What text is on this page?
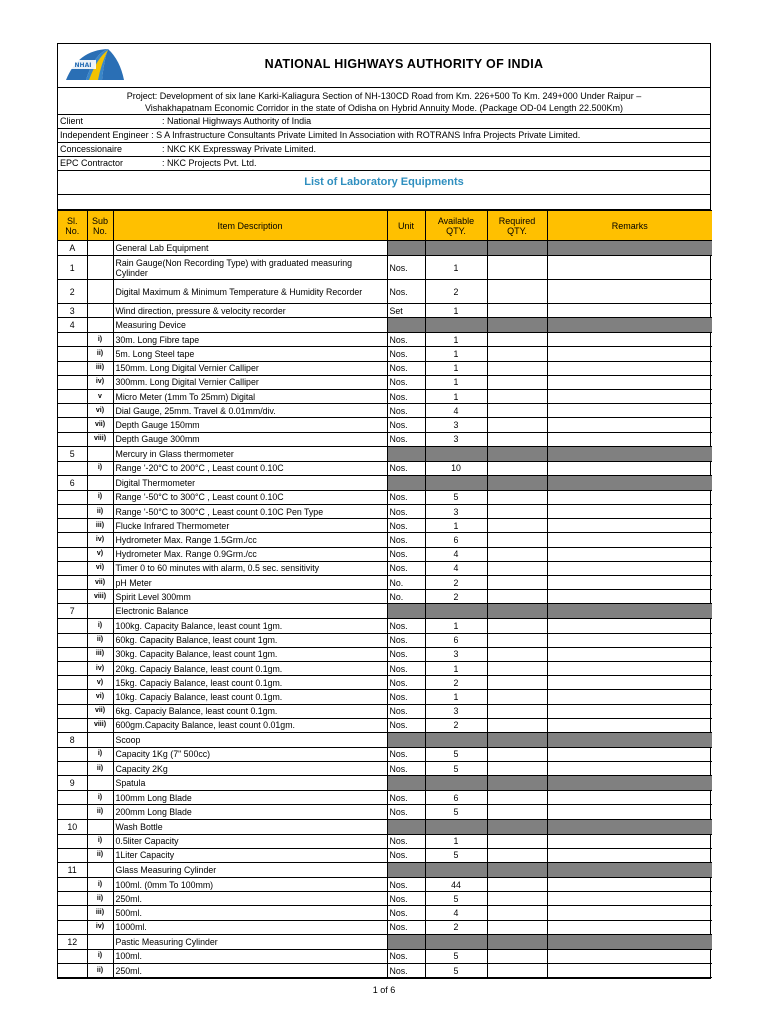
NHAI	NATIONAL HIGHWAYS AUTHORITY OF INDIA
Project: Development of six lane Karki-Kaliagura Section of NH-130CD Road from Km. 226+500 To Km. 249+000 Under Raipur –
Vishakhapatnam Economic Corridor in the state of Odisha on Hybrid Annuity Mode. (Package OD-04 Length 22.500Km)
Client	: National Highways Authority of India
Independent Engineer : S A Infrastructure Consultants Private Limited In Association with ROTRANS Infra Projects Private Limited.
Concessionaire	: NKC KK Expressway Private Limited.
EPC Contractor	: NKC Projects Pvt. Ltd.
List of Laboratory Equipments
Sl. No.	Sub No.	Item Description	Unit	Available QTY.	Required QTY.	Remarks
A		General Lab Equipment				
1		Rain Gauge(Non Recording Type) with graduated measuring Cylinder	Nos.	1		
2		Digital Maximum & Minimum Temperature & Humidity Recorder	Nos.	2		
3		Wind direction, pressure & velocity recorder	Set	1		
4		Measuring Device				
	i)	30m. Long Fibre tape	Nos.	1		
	ii)	5m. Long Steel tape	Nos.	1		
	iii)	150mm. Long Digital Vernier Calliper	Nos.	1		
	iv)	300mm. Long Digital Vernier Calliper	Nos.	1		
	v	Micro Meter (1mm To 25mm) Digital	Nos.	1		
	vi)	Dial Gauge, 25mm. Travel & 0.01mm/div.	Nos.	4		
	vii)	Depth Gauge 150mm	Nos.	3		
	viii)	Depth Gauge 300mm	Nos.	3		
5		Mercury in Glass thermometer				
	i)	Range '-20°C to 200°C , Least count 0.10C	Nos.	10		
6		Digital Thermometer				
	i)	Range '-50°C to 300°C , Least count 0.10C	Nos.	5		
	ii)	Range '-50°C to 300°C , Least count 0.10C Pen Type	Nos.	3		
	iii)	Flucke Infrared Thermometer	Nos.	1		
	iv)	Hydrometer Max. Range 1.5Grm./cc	Nos.	6		
	v)	Hydrometer Max. Range 0.9Grm./cc	Nos.	4		
	vi)	Timer 0 to 60 minutes with alarm, 0.5 sec. sensitivity	Nos.	4		
	vii)	pH Meter	No.	2		
	viii)	Spirit Level 300mm	No.	2		
7		Electronic Balance				
	i)	100kg. Capacity Balance, least count 1gm.	Nos.	1		
	ii)	60kg. Capacity Balance, least count 1gm.	Nos.	6		
	iii)	30kg. Capacity Balance, least count 1gm.	Nos.	3		
	iv)	20kg. Capaciy Balance, least count 0.1gm.	Nos.	1		
	v)	15kg. Capaciy Balance, least count 0.1gm.	Nos.	2		
	vi)	10kg. Capaciy Balance, least count 0.1gm.	Nos.	1		
	vii)	6kg. Capaciy Balance, least count 0.1gm.	Nos.	3		
	viii)	600gm.Capacity Balance, least count 0.01gm.	Nos.	2		
8		Scoop				
	i)	Capacity 1Kg (7" 500cc)	Nos.	5		
	ii)	Capacity 2Kg	Nos.	5		
9		Spatula				
	i)	100mm Long Blade	Nos.	6		
	ii)	200mm Long Blade	Nos.	5		
10		Wash Bottle				
	i)	0.5liter Capacity	Nos.	1		
	ii)	1Liter Capacity	Nos.	5		
11		Glass Measuring Cylinder				
	i)	100ml. (0mm To 100mm)	Nos.	44		
	ii)	250ml.	Nos.	5		
	iii)	500ml.	Nos.	4		
	iv)	1000ml.	Nos.	2		
12		Pastic Measuring Cylinder				
	i)	100ml.	Nos.	5		
	ii)	250ml.	Nos.	5		
1 of 6
